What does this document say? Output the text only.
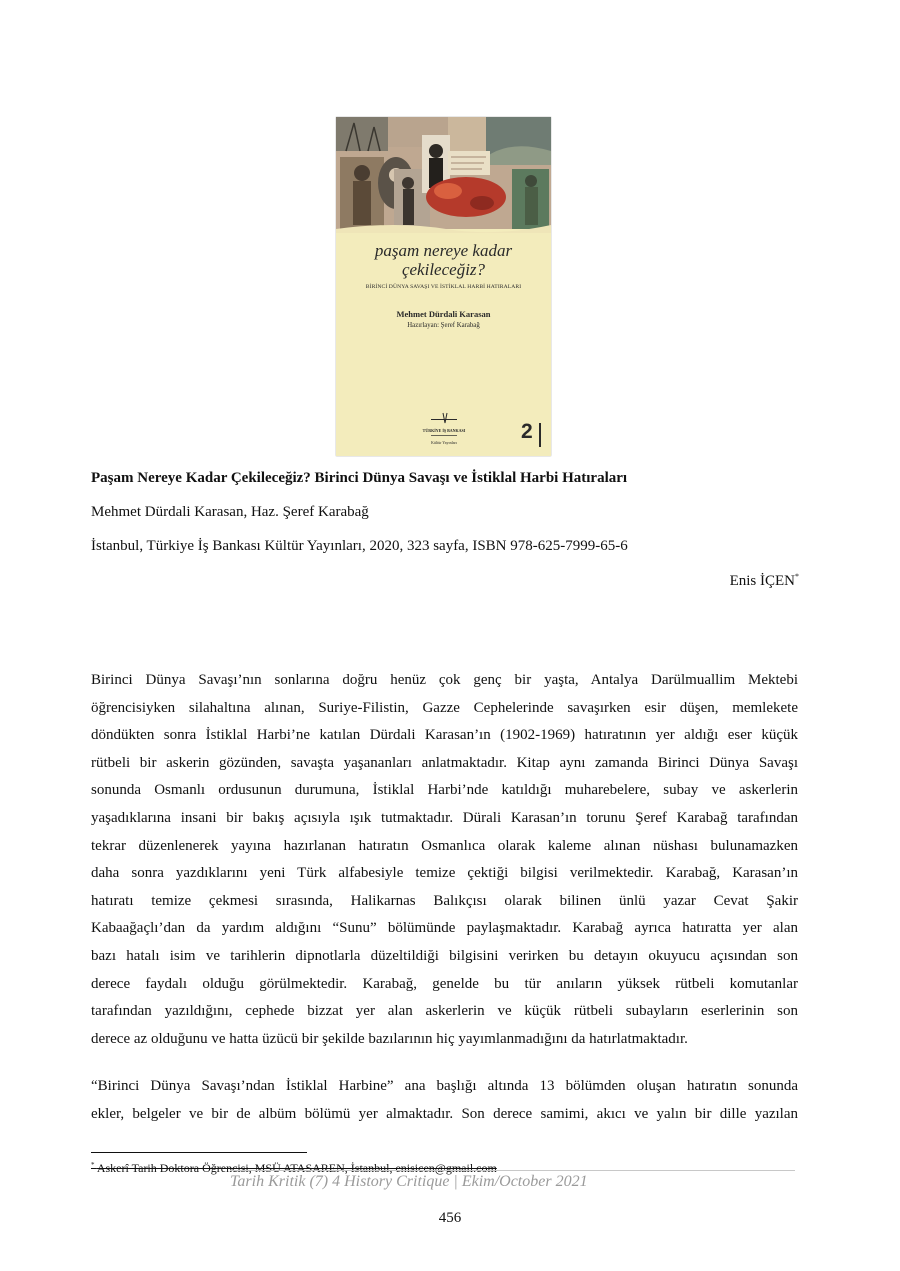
paşam nereye kadar
çekileceğiz?
BİRİNCİ DÜNYA SAVAŞI VE İSTİKLAL HARBİ HATIRALARI
Mehmet Dürdali Karasan
Hazırlayan: Şeref Karabağ
TÜRKİYE İŞ BANKASI
Kültür Yayınları	2
Paşam Nereye Kadar Çekileceğiz? Birinci Dünya Savaşı ve İstiklal Harbi Hatıraları
Mehmet Dürdali Karasan, Haz. Şeref Karabağ
İstanbul, Türkiye İş Bankası Kültür Yayınları, 2020, 323 sayfa, ISBN 978-625-7999-65-6
Enis İÇEN*
Birinci Dünya Savaşı’nın sonlarına doğru henüz çok genç bir yaşta, Antalya Darülmuallim Mektebi
öğrencisiyken silahaltına alınan, Suriye-Filistin, Gazze Cephelerinde savaşırken esir düşen, memlekete
döndükten sonra İstiklal Harbi’ne katılan Dürdali Karasan’ın (1902-1969) hatıratının yer aldığı eser küçük
rütbeli bir askerin gözünden, savaşta yaşananları anlatmaktadır. Kitap aynı zamanda Birinci Dünya Savaşı
sonunda Osmanlı ordusunun durumuna, İstiklal Harbi’nde katıldığı muharebelere, subay ve askerlerin
yaşadıklarına insani bir bakış açısıyla ışık tutmaktadır. Dürali Karasan’ın torunu Şeref Karabağ tarafından
tekrar düzenlenerek yayına hazırlanan hatıratın Osmanlıca olarak kaleme alınan nüshası bulunamazken
daha sonra yazdıklarını yeni Türk alfabesiyle temize çektiği bilgisi verilmektedir. Karabağ, Karasan’ın
hatıratı temize çekmesi sırasında, Halikarnas Balıkçısı olarak bilinen ünlü yazar Cevat Şakir
Kabaağaçlı’dan da yardım aldığını “Sunu” bölümünde paylaşmaktadır. Karabağ ayrıca hatıratta yer alan
bazı hatalı isim ve tarihlerin dipnotlarla düzeltildiği bilgisini verirken bu detayın okuyucu açısından son
derece faydalı olduğu görülmektedir. Karabağ, genelde bu tür anıların yüksek rütbeli komutanlar
tarafından yazıldığını, cephede bizzat yer alan askerlerin ve küçük rütbeli subayların eserlerinin son
derece az olduğunu ve hatta üzücü bir şekilde bazılarının hiç yayımlanmadığını da hatırlatmaktadır.
“Birinci Dünya Savaşı’ndan İstiklal Harbine” ana başlığı altında 13 bölümden oluşan hatıratın sonunda
ekler, belgeler ve bir de albüm bölümü yer almaktadır. Son derece samimi, akıcı ve yalın bir dille yazılan
* Askerî Tarih Doktora Öğrencisi, MSÜ ATASAREN, İstanbul, enisicen@gmail.com
Tarih Kritik (7) 4 History Critique | Ekim/October 2021
456
